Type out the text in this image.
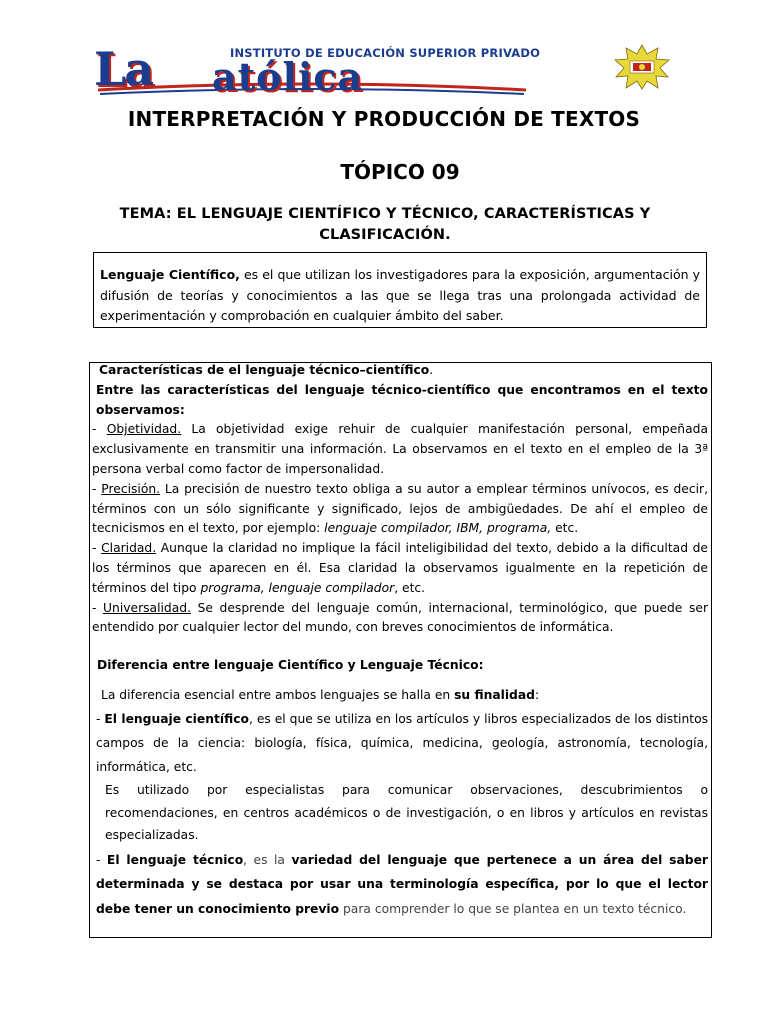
La	INSTITUTO DE EDUCACIÓN SUPERIOR PRIVADO
atólica
INTERPRETACIÓN Y PRODUCCIÓN DE TEXTOS
TÓPICO 09
TEMA: EL LENGUAJE CIENTÍFICO Y TÉCNICO, CARACTERÍSTICAS Y
CLASIFICACIÓN.

Lenguaje Científico, es el que utilizan los investigadores para la exposición, argumentación y difusión de teorías y conocimientos a las que se llega tras una prolongada actividad de experimentación y comprobación en cualquier ámbito del saber.

Características de el lenguaje técnico–científico.

Entre las características del lenguaje técnico-científico que encontramos en el texto observamos:

- Objetividad. La objetividad exige rehuir de cualquier manifestación personal, empeñada exclusivamente en transmitir una información. La observamos en el texto en el empleo de la 3ª persona verbal como factor de impersonalidad.

- Precisión. La precisión de nuestro texto obliga a su autor a emplear términos unívocos, es decir, términos con un sólo significante y significado, lejos de ambigüedades. De ahí el empleo de tecnicismos en el texto, por ejemplo: lenguaje compilador, IBM, programa, etc.

- Claridad. Aunque la claridad no implique la fácil inteligibilidad del texto, debido a la dificultad de los términos que aparecen en él. Esa claridad la observamos igualmente en la repetición de términos del tipo programa, lenguaje compilador, etc.

- Universalidad. Se desprende del lenguaje común, internacional, terminológico, que puede ser entendido por cualquier lector del mundo, con breves conocimientos de informática.

Diferencia entre lenguaje Científico y Lenguaje Técnico:

La diferencia esencial entre ambos lenguajes se halla en su finalidad:

- El lenguaje científico, es el que se utiliza en los artículos y libros especializados de los distintos campos de la ciencia: biología, física, química, medicina, geología, astronomía, tecnología, informática, etc.

Es utilizado por especialistas para comunicar observaciones, descubrimientos o recomendaciones, en centros académicos o de investigación, o en libros y artículos en revistas especializadas.

- El lenguaje técnico, es la variedad del lenguaje que pertenece a un área del saber determinada y se destaca por usar una terminología específica, por lo que el lector debe tener un conocimiento previo para comprender lo que se plantea en un texto técnico.
